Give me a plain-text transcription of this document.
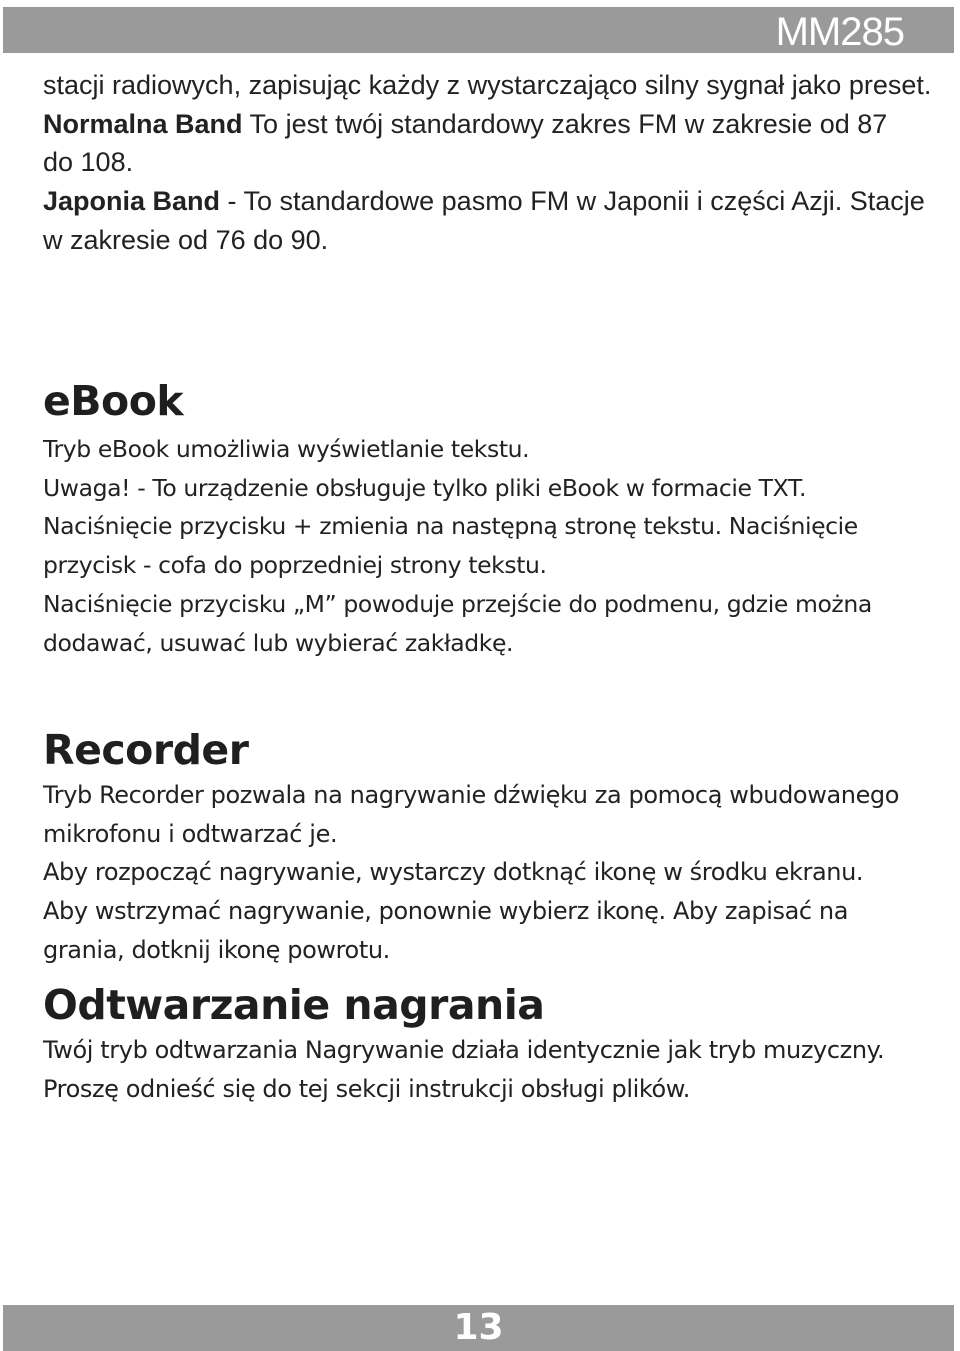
MM285
stacji radiowych, zapisując każdy z wystarczająco silny sygnał jako preset.
Normalna Band To jest twój standardowy zakres FM w zakresie od 87
do 108.
Japonia Band - To standardowe pasmo FM w Japonii i części Azji. Stacje
w zakresie od 76 do 90.
eBook
Tryb eBook umożliwia wyświetlanie tekstu.
Uwaga! - To urządzenie obsługuje tylko pliki eBook w formacie TXT.
Naciśnięcie przycisku + zmienia na następną stronę tekstu. Naciśnięcie
przycisk - cofa do poprzedniej strony tekstu.
Naciśnięcie przycisku „M” powoduje przejście do podmenu, gdzie można
dodawać, usuwać lub wybierać zakładkę.
Recorder
Tryb Recorder pozwala na nagrywanie dźwięku za pomocą wbudowanego
mikrofonu i odtwarzać je.
Aby rozpocząć nagrywanie, wystarczy dotknąć ikonę w środku ekranu.
Aby wstrzymać nagrywanie, ponownie wybierz ikonę. Aby zapisać na
grania, dotknij ikonę powrotu.
Odtwarzanie nagrania
Twój tryb odtwarzania Nagrywanie działa identycznie jak tryb muzyczny.
Proszę odnieść się do tej sekcji instrukcji obsługi plików.
13
